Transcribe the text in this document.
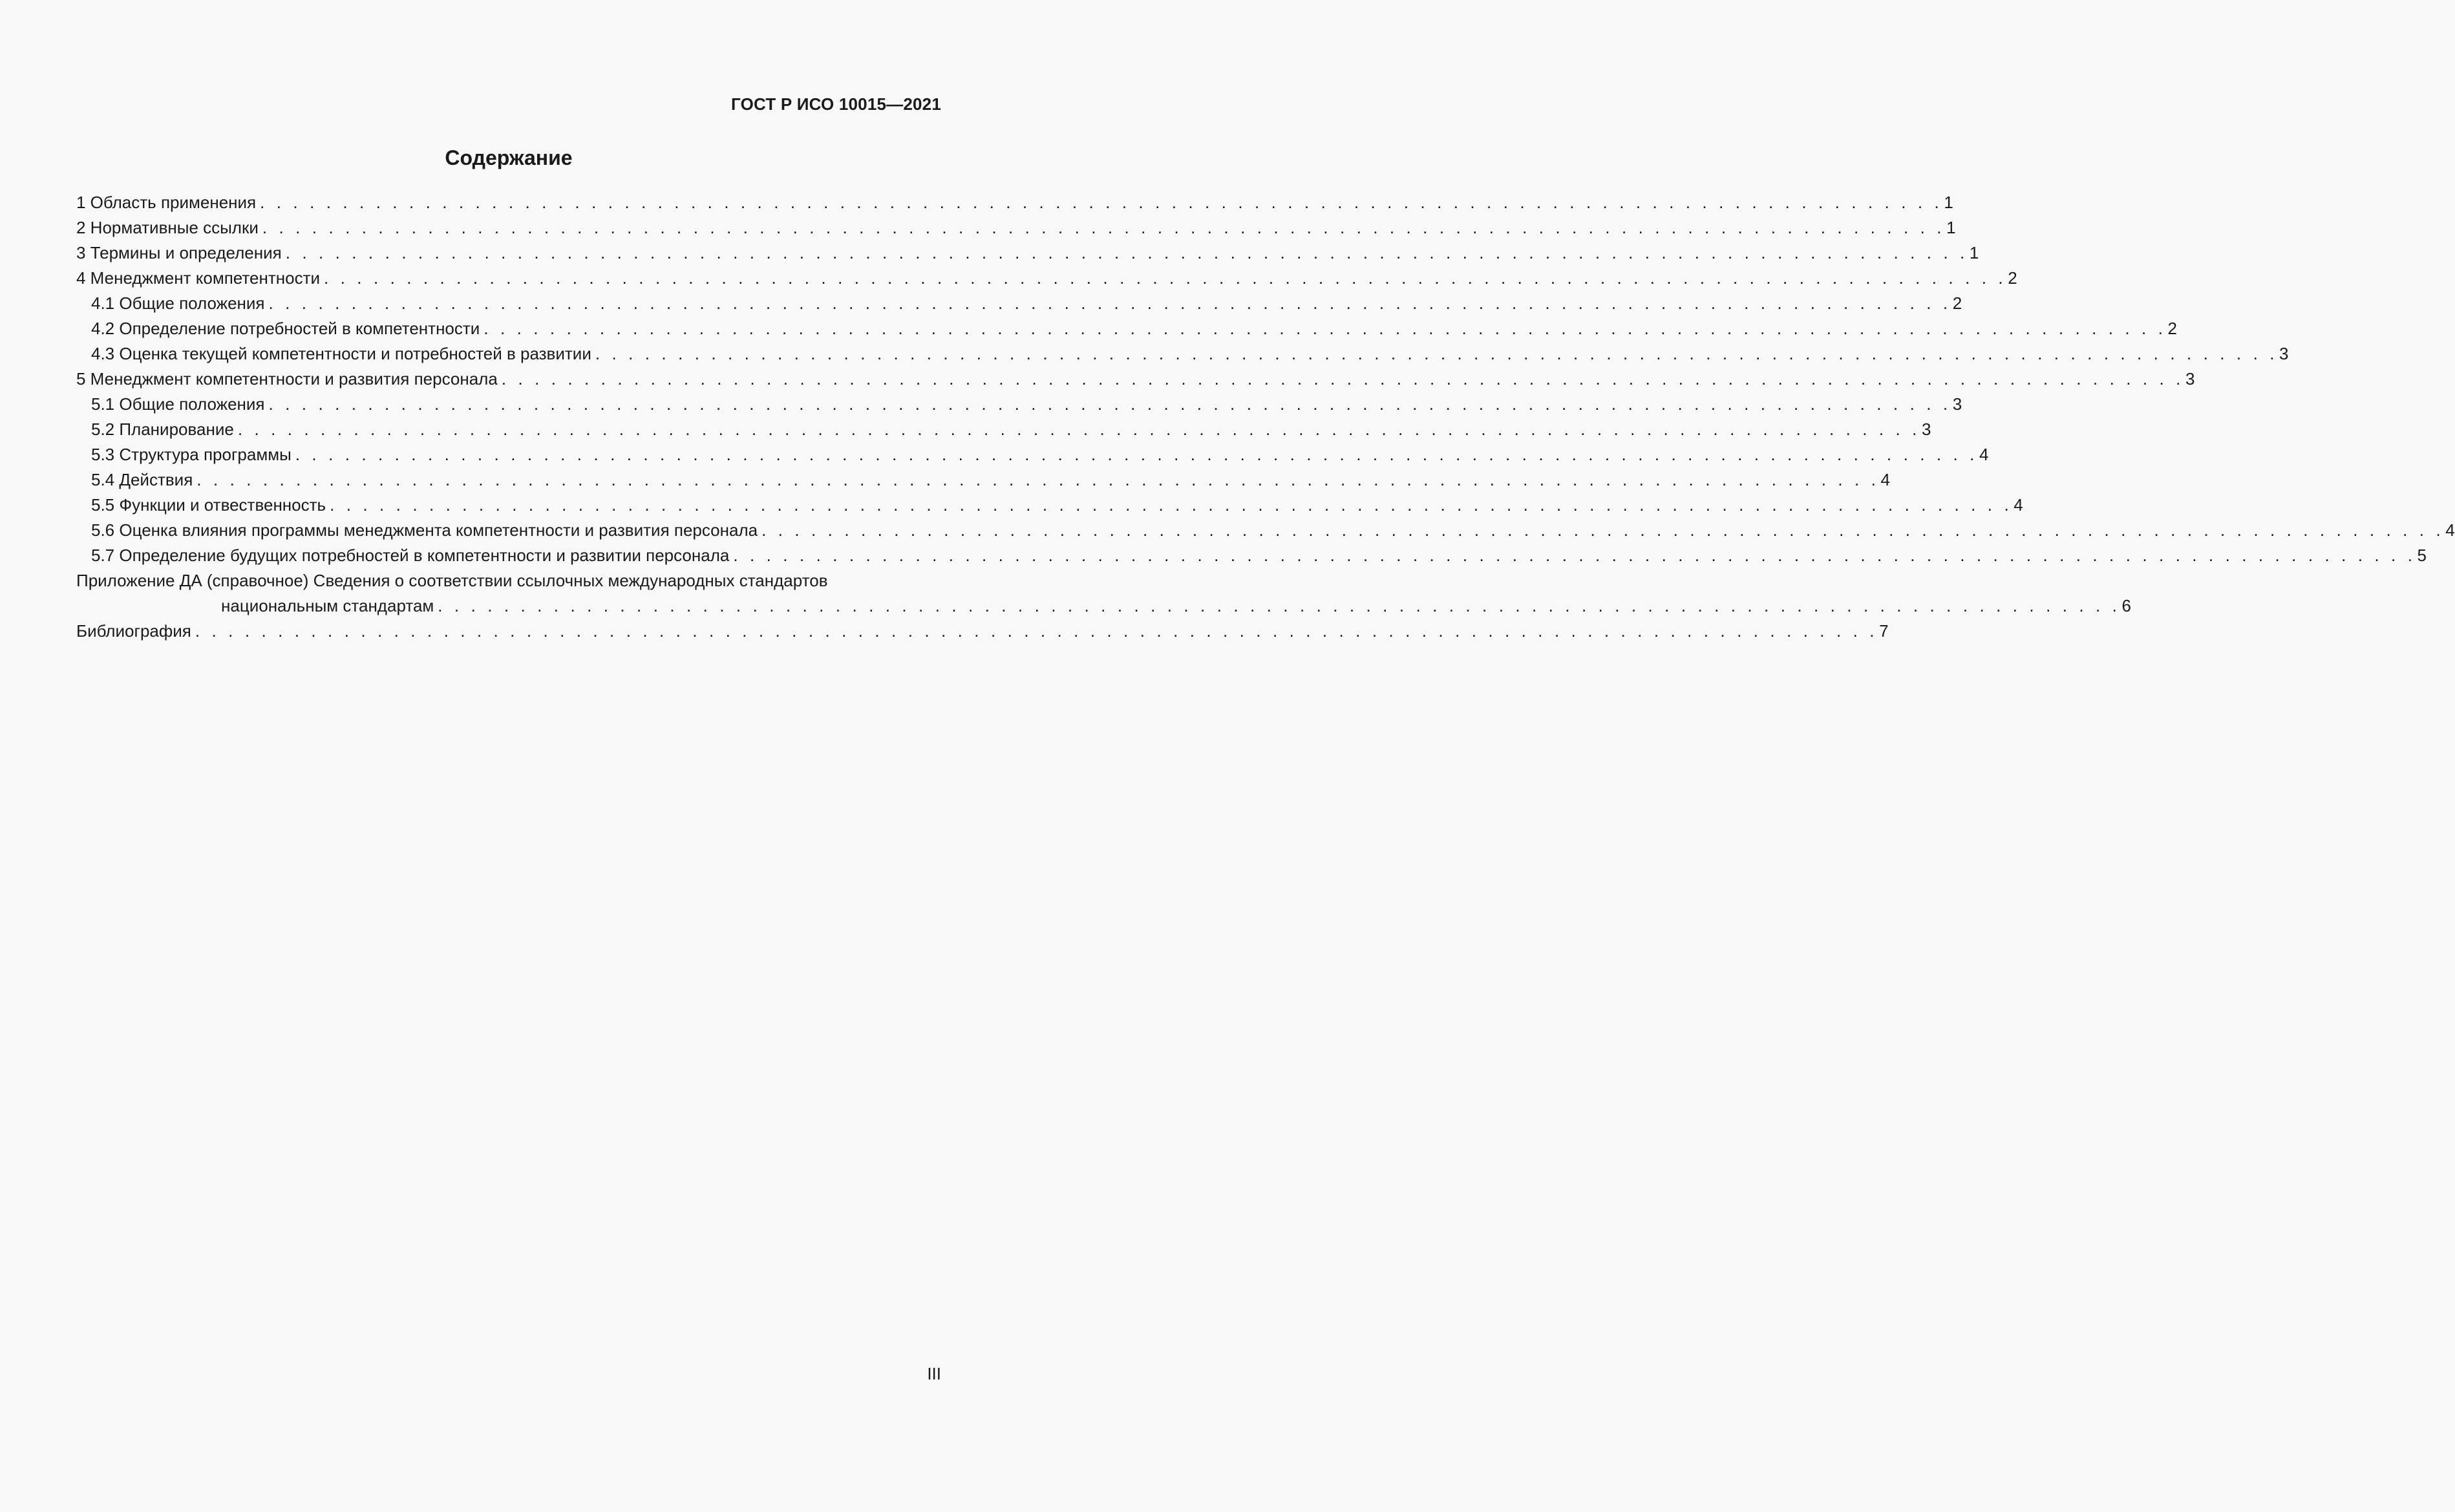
ГОСТ Р ИСО 10015—2021
Содержание
1 Область применения . . . . . . . . . . . . . . . . . . . . . . . . . . . . . . . . . . . . . . . . . . . . . . . . . . . . . . . . . . . . . . . . . . . . . . . . . . . . . . . . . . . . . . . . . . . . . . . . . . . . . . 1
2 Нормативные ссылки . . . . . . . . . . . . . . . . . . . . . . . . . . . . . . . . . . . . . . . . . . . . . . . . . . . . . . . . . . . . . . . . . . . . . . . . . . . . . . . . . . . . . . . . . . . . . . . . . . . . . . 1
3 Термины и определения . . . . . . . . . . . . . . . . . . . . . . . . . . . . . . . . . . . . . . . . . . . . . . . . . . . . . . . . . . . . . . . . . . . . . . . . . . . . . . . . . . . . . . . . . . . . . . . . . . . . . . 1
4 Менеджмент компетентности . . . . . . . . . . . . . . . . . . . . . . . . . . . . . . . . . . . . . . . . . . . . . . . . . . . . . . . . . . . . . . . . . . . . . . . . . . . . . . . . . . . . . . . . . . . . . . . . . . . . . . 2
4.1 Общие положения . . . . . . . . . . . . . . . . . . . . . . . . . . . . . . . . . . . . . . . . . . . . . . . . . . . . . . . . . . . . . . . . . . . . . . . . . . . . . . . . . . . . . . . . . . . . . . . . . . . . . . 2
4.2 Определение потребностей в компетентности . . . . . . . . . . . . . . . . . . . . . . . . . . . . . . . . . . . . . . . . . . . . . . . . . . . . . . . . . . . . . . . . . . . . . . . . . . . . . . . . . . . . . . . . . . . . . . . . . . . . . . 2
4.3 Оценка текущей компетентности и потребностей в развитии . . . . . . . . . . . . . . . . . . . . . . . . . . . . . . . . . . . . . . . . . . . . . . . . . . . . . . . . . . . . . . . . . . . . . . . . . . . . . . . . . . . . . . . . . . . . . . . . . . . . . . 3
5 Менеджмент компетентности и развития персонала . . . . . . . . . . . . . . . . . . . . . . . . . . . . . . . . . . . . . . . . . . . . . . . . . . . . . . . . . . . . . . . . . . . . . . . . . . . . . . . . . . . . . . . . . . . . . . . . . . . . . . 3
5.1 Общие положения . . . . . . . . . . . . . . . . . . . . . . . . . . . . . . . . . . . . . . . . . . . . . . . . . . . . . . . . . . . . . . . . . . . . . . . . . . . . . . . . . . . . . . . . . . . . . . . . . . . . . . 3
5.2 Планирование . . . . . . . . . . . . . . . . . . . . . . . . . . . . . . . . . . . . . . . . . . . . . . . . . . . . . . . . . . . . . . . . . . . . . . . . . . . . . . . . . . . . . . . . . . . . . . . . . . . . . . 3
5.3 Структура программы . . . . . . . . . . . . . . . . . . . . . . . . . . . . . . . . . . . . . . . . . . . . . . . . . . . . . . . . . . . . . . . . . . . . . . . . . . . . . . . . . . . . . . . . . . . . . . . . . . . . . . 4
5.4 Действия . . . . . . . . . . . . . . . . . . . . . . . . . . . . . . . . . . . . . . . . . . . . . . . . . . . . . . . . . . . . . . . . . . . . . . . . . . . . . . . . . . . . . . . . . . . . . . . . . . . . . . 4
5.5 Функции и отвественность . . . . . . . . . . . . . . . . . . . . . . . . . . . . . . . . . . . . . . . . . . . . . . . . . . . . . . . . . . . . . . . . . . . . . . . . . . . . . . . . . . . . . . . . . . . . . . . . . . . . . . 4
5.6 Оценка влияния программы менеджмента компетентности и развития персонала . . . . . . . . . . . . . . . . . . . . . . . . . . . . . . . . . . . . . . . . . . . . . . . . . . . . . . . . . . . . . . . . . . . . . . . . . . . . . . . . . . . . . . . . . . . . . . . . . . . . . . 4
5.7 Определение будущих потребностей в компетентности и развитии персонала . . . . . . . . . . . . . . . . . . . . . . . . . . . . . . . . . . . . . . . . . . . . . . . . . . . . . . . . . . . . . . . . . . . . . . . . . . . . . . . . . . . . . . . . . . . . . . . . . . . . . . 5
Приложение ДА (справочное) Сведения о соответствии ссылочных международных стандартов
национальным стандартам . . . . . . . . . . . . . . . . . . . . . . . . . . . . . . . . . . . . . . . . . . . . . . . . . . . . . . . . . . . . . . . . . . . . . . . . . . . . . . . . . . . . . . . . . . . . . . . . . . . . . . 6
Библиография . . . . . . . . . . . . . . . . . . . . . . . . . . . . . . . . . . . . . . . . . . . . . . . . . . . . . . . . . . . . . . . . . . . . . . . . . . . . . . . . . . . . . . . . . . . . . . . . . . . . . . 7
III
